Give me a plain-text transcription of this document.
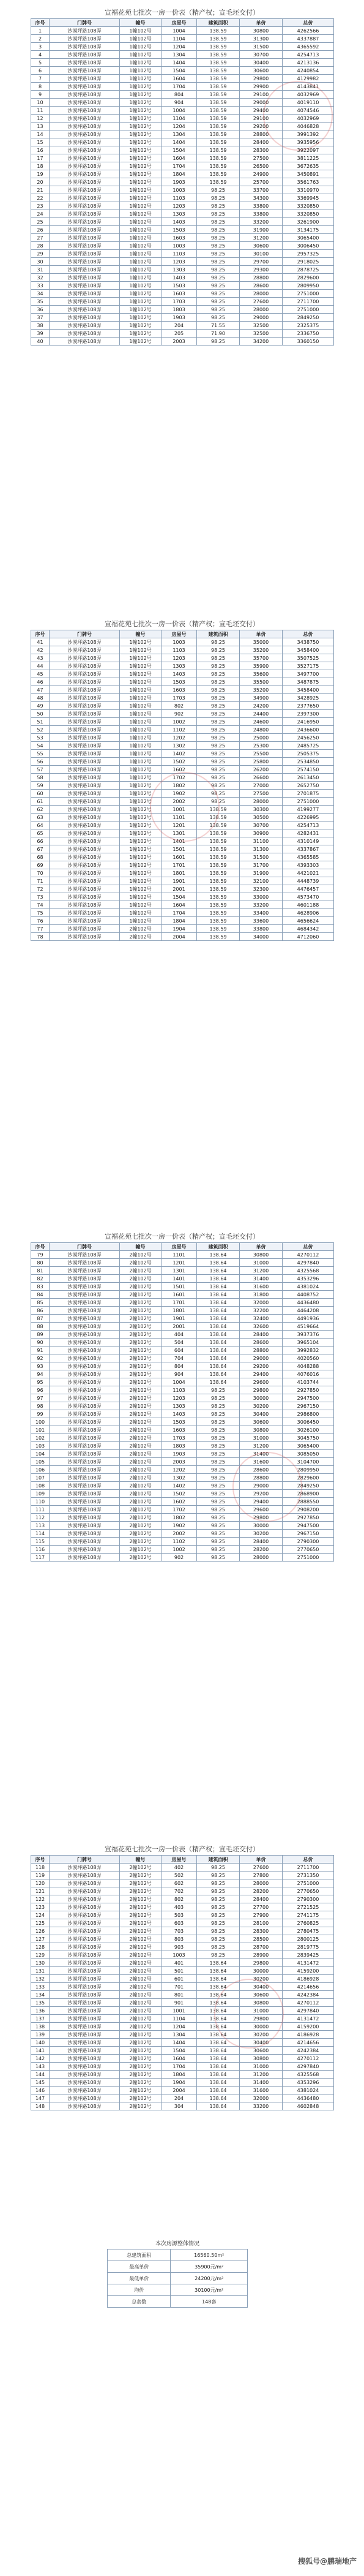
宣福花苑七批次一房一价表（精产权；宣毛坯交付）
序号	门牌号	幢号	房屋号	建筑面积	单价	总价
1	沙漠坪路108弄	1幢102号	1004	138.59	30800	4262566
2	沙漠坪路108弄	1幢102号	1104	138.59	31300	4337887
3	沙漠坪路108弄	1幢102号	1204	138.59	31500	4365592
4	沙漠坪路108弄	1幢102号	1304	138.59	30700	4254713
5	沙漠坪路108弄	1幢102号	1404	138.59	30400	4213136
6	沙漠坪路108弄	1幢102号	1504	138.59	30600	4240854
7	沙漠坪路108弄	1幢102号	1604	138.59	29800	4129982
8	沙漠坪路108弄	1幢102号	1704	138.59	29900	4143841
9	沙漠坪路108弄	1幢102号	804	138.59	29100	4032969
10	沙漠坪路108弄	1幢102号	904	138.59	29000	4019110
11	沙漠坪路108弄	1幢102号	1004	138.59	29400	4074546
12	沙漠坪路108弄	1幢102号	1104	138.59	29100	4032969
13	沙漠坪路108弄	1幢102号	1204	138.59	29200	4046828
14	沙漠坪路108弄	1幢102号	1304	138.59	28800	3991392
15	沙漠坪路108弄	1幢102号	1404	138.59	28400	3935956
16	沙漠坪路108弄	1幢102号	1504	138.59	28300	3922097
17	沙漠坪路108弄	1幢102号	1604	138.59	27500	3811225
18	沙漠坪路108弄	1幢102号	1704	138.59	26500	3672635
19	沙漠坪路108弄	1幢102号	1804	138.59	24900	3450891
20	沙漠坪路108弄	1幢102号	1903	138.59	25700	3561763
21	沙漠坪路108弄	1幢102号	1003	98.25	33700	3310970
22	沙漠坪路108弄	1幢102号	1103	98.25	34300	3369945
23	沙漠坪路108弄	1幢102号	1203	98.25	33800	3320850
24	沙漠坪路108弄	1幢102号	1303	98.25	33800	3320850
25	沙漠坪路108弄	1幢102号	1403	98.25	33200	3261900
26	沙漠坪路108弄	1幢102号	1503	98.25	31900	3134175
27	沙漠坪路108弄	1幢102号	1603	98.25	31200	3065400
28	沙漠坪路108弄	1幢102号	1003	98.25	30600	3006450
29	沙漠坪路108弄	1幢102号	1103	98.25	30100	2957325
30	沙漠坪路108弄	1幢102号	1203	98.25	29700	2918025
31	沙漠坪路108弄	1幢102号	1303	98.25	29300	2878725
32	沙漠坪路108弄	1幢102号	1403	98.25	28800	2829600
33	沙漠坪路108弄	1幢102号	1503	98.25	28600	2809950
34	沙漠坪路108弄	1幢102号	1603	98.25	28000	2751000
35	沙漠坪路108弄	1幢102号	1703	98.25	27600	2711700
36	沙漠坪路108弄	1幢102号	1803	98.25	28000	2751000
37	沙漠坪路108弄	1幢102号	1903	98.25	29000	2849250
38	沙漠坪路108弄	1幢102号	204	71.55	32500	2325375
39	沙漠坪路108弄	1幢102号	205	71.90	32500	2336750
40	沙漠坪路108弄	1幢102号	2003	98.25	34200	3360150
宣福花苑七批次一房一价表（精产权；宣毛坯交付）
序号	门牌号	幢号	房屋号	建筑面积	单价	总价
41	沙漠坪路108弄	1幢102号	1003	98.25	35000	3438750
42	沙漠坪路108弄	1幢102号	1103	98.25	35200	3458400
43	沙漠坪路108弄	1幢102号	1203	98.25	35700	3507525
44	沙漠坪路108弄	1幢102号	1303	98.25	35900	3527175
45	沙漠坪路108弄	1幢102号	1403	98.25	35600	3497700
46	沙漠坪路108弄	1幢102号	1503	98.25	35500	3487875
47	沙漠坪路108弄	1幢102号	1603	98.25	35200	3458400
48	沙漠坪路108弄	1幢102号	1703	98.25	34900	3428925
49	沙漠坪路108弄	1幢102号	802	98.25	24200	2377650
50	沙漠坪路108弄	1幢102号	902	98.25	24400	2397300
51	沙漠坪路108弄	1幢102号	1002	98.25	24600	2416950
52	沙漠坪路108弄	1幢102号	1102	98.25	24800	2436600
53	沙漠坪路108弄	1幢102号	1202	98.25	25000	2456250
54	沙漠坪路108弄	1幢102号	1302	98.25	25300	2485725
55	沙漠坪路108弄	1幢102号	1402	98.25	25500	2505375
56	沙漠坪路108弄	1幢102号	1502	98.25	25800	2534850
57	沙漠坪路108弄	1幢102号	1602	98.25	26200	2574150
58	沙漠坪路108弄	1幢102号	1702	98.25	26600	2613450
59	沙漠坪路108弄	1幢102号	1802	98.25	27000	2652750
60	沙漠坪路108弄	1幢102号	1902	98.25	27500	2701875
61	沙漠坪路108弄	1幢102号	2002	98.25	28000	2751000
62	沙漠坪路108弄	1幢102号	1001	138.59	30300	4199277
63	沙漠坪路108弄	1幢102号	1101	138.59	30500	4226995
64	沙漠坪路108弄	1幢102号	1201	138.59	30700	4254713
65	沙漠坪路108弄	1幢102号	1301	138.59	30900	4282431
66	沙漠坪路108弄	1幢102号	1401	138.59	31100	4310149
67	沙漠坪路108弄	1幢102号	1501	138.59	31300	4337867
68	沙漠坪路108弄	1幢102号	1601	138.59	31500	4365585
69	沙漠坪路108弄	1幢102号	1701	138.59	31700	4393303
70	沙漠坪路108弄	1幢102号	1801	138.59	31900	4421021
71	沙漠坪路108弄	1幢102号	1901	138.59	32100	4448739
72	沙漠坪路108弄	1幢102号	2001	138.59	32300	4476457
73	沙漠坪路108弄	1幢102号	1504	138.59	33000	4573470
74	沙漠坪路108弄	1幢102号	1604	138.59	33200	4601188
75	沙漠坪路108弄	1幢102号	1704	138.59	33400	4628906
76	沙漠坪路108弄	1幢102号	1804	138.59	33600	4656624
77	沙漠坪路108弄	2幢102号	1904	138.59	33800	4684342
78	沙漠坪路108弄	2幢102号	2004	138.59	34000	4712060
宣福花苑七批次一房一价表（精产权；宣毛坯交付）
序号	门牌号	幢号	房屋号	建筑面积	单价	总价
79	沙漠坪路108弄	2幢102号	1101	138.64	30800	4270112
80	沙漠坪路108弄	2幢102号	1201	138.64	31000	4297840
81	沙漠坪路108弄	2幢102号	1301	138.64	31200	4325568
82	沙漠坪路108弄	2幢102号	1401	138.64	31400	4353296
83	沙漠坪路108弄	2幢102号	1501	138.64	31600	4381024
84	沙漠坪路108弄	2幢102号	1601	138.64	31800	4408752
85	沙漠坪路108弄	2幢102号	1701	138.64	32000	4436480
86	沙漠坪路108弄	2幢102号	1801	138.64	32200	4464208
87	沙漠坪路108弄	2幢102号	1901	138.64	32400	4491936
88	沙漠坪路108弄	2幢102号	2001	138.64	32600	4519664
89	沙漠坪路108弄	2幢102号	404	138.64	28400	3937376
90	沙漠坪路108弄	2幢102号	504	138.64	28600	3965104
91	沙漠坪路108弄	2幢102号	604	138.64	28800	3992832
92	沙漠坪路108弄	2幢102号	704	138.64	29000	4020560
93	沙漠坪路108弄	2幢102号	804	138.64	29200	4048288
94	沙漠坪路108弄	2幢102号	904	138.64	29400	4076016
95	沙漠坪路108弄	2幢102号	1004	138.64	29600	4103744
96	沙漠坪路108弄	2幢102号	1103	98.25	29800	2927850
97	沙漠坪路108弄	2幢102号	1203	98.25	30000	2947500
98	沙漠坪路108弄	2幢102号	1303	98.25	30200	2967150
99	沙漠坪路108弄	2幢102号	1403	98.25	30400	2986800
100	沙漠坪路108弄	2幢102号	1503	98.25	30600	3006450
101	沙漠坪路108弄	2幢102号	1603	98.25	30800	3026100
102	沙漠坪路108弄	2幢102号	1703	98.25	31000	3045750
103	沙漠坪路108弄	2幢102号	1803	98.25	31200	3065400
104	沙漠坪路108弄	2幢102号	1903	98.25	31400	3085050
105	沙漠坪路108弄	2幢102号	2003	98.25	31600	3104700
106	沙漠坪路108弄	2幢102号	1202	98.25	28600	2809950
107	沙漠坪路108弄	2幢102号	1302	98.25	28800	2829600
108	沙漠坪路108弄	2幢102号	1402	98.25	29000	2849250
109	沙漠坪路108弄	2幢102号	1502	98.25	29200	2868900
110	沙漠坪路108弄	2幢102号	1602	98.25	29400	2888550
111	沙漠坪路108弄	2幢102号	1702	98.25	29600	2908200
112	沙漠坪路108弄	2幢102号	1802	98.25	29800	2927850
113	沙漠坪路108弄	2幢102号	1902	98.25	30000	2947500
114	沙漠坪路108弄	2幢102号	2002	98.25	30200	2967150
115	沙漠坪路108弄	2幢102号	1102	98.25	28400	2790300
116	沙漠坪路108弄	2幢102号	1002	98.25	28200	2770650
117	沙漠坪路108弄	2幢102号	902	98.25	28000	2751000
宣福花苑七批次一房一价表（精产权；宣毛坯交付）
序号	门牌号	幢号	房屋号	建筑面积	单价	总价
118	沙漠坪路108弄	2幢102号	402	98.25	27600	2711700
119	沙漠坪路108弄	2幢102号	502	98.25	27800	2731350
120	沙漠坪路108弄	2幢102号	602	98.25	28000	2751000
121	沙漠坪路108弄	2幢102号	702	98.25	28200	2770650
122	沙漠坪路108弄	2幢102号	802	98.25	28400	2790300
123	沙漠坪路108弄	2幢102号	403	98.25	27700	2721525
124	沙漠坪路108弄	2幢102号	503	98.25	27900	2741175
125	沙漠坪路108弄	2幢102号	603	98.25	28100	2760825
126	沙漠坪路108弄	2幢102号	703	98.25	28300	2780475
127	沙漠坪路108弄	2幢102号	803	98.25	28500	2800125
128	沙漠坪路108弄	2幢102号	903	98.25	28700	2819775
129	沙漠坪路108弄	2幢102号	1003	98.25	28900	2839425
130	沙漠坪路108弄	2幢102号	401	138.64	29800	4131472
131	沙漠坪路108弄	2幢102号	501	138.64	30000	4159200
132	沙漠坪路108弄	2幢102号	601	138.64	30200	4186928
133	沙漠坪路108弄	2幢102号	701	138.64	30400	4214656
134	沙漠坪路108弄	2幢102号	801	138.64	30600	4242384
135	沙漠坪路108弄	2幢102号	901	138.64	30800	4270112
136	沙漠坪路108弄	2幢102号	1001	138.64	31000	4297840
137	沙漠坪路108弄	2幢102号	1104	138.64	29800	4131472
138	沙漠坪路108弄	2幢102号	1204	138.64	30000	4159200
139	沙漠坪路108弄	2幢102号	1304	138.64	30200	4186928
140	沙漠坪路108弄	2幢102号	1404	138.64	30400	4214656
141	沙漠坪路108弄	2幢102号	1504	138.64	30600	4242384
142	沙漠坪路108弄	2幢102号	1604	138.64	30800	4270112
143	沙漠坪路108弄	2幢102号	1704	138.64	31000	4297840
144	沙漠坪路108弄	2幢102号	1804	138.64	31200	4325568
145	沙漠坪路108弄	2幢102号	1904	138.64	31400	4353296
146	沙漠坪路108弄	2幢102号	2004	138.64	31600	4381024
147	沙漠坪路108弄	2幢102号	204	138.64	32000	4436480
148	沙漠坪路108弄	2幢102号	304	138.64	33200	4602848
本次房源整体情况
总建筑面积	16560.50m²
最高单价	35900元/m²
最低单价	24200元/m²
均价	30100元/m²
总套数	148套
搜狐号@鹏瑞地产
